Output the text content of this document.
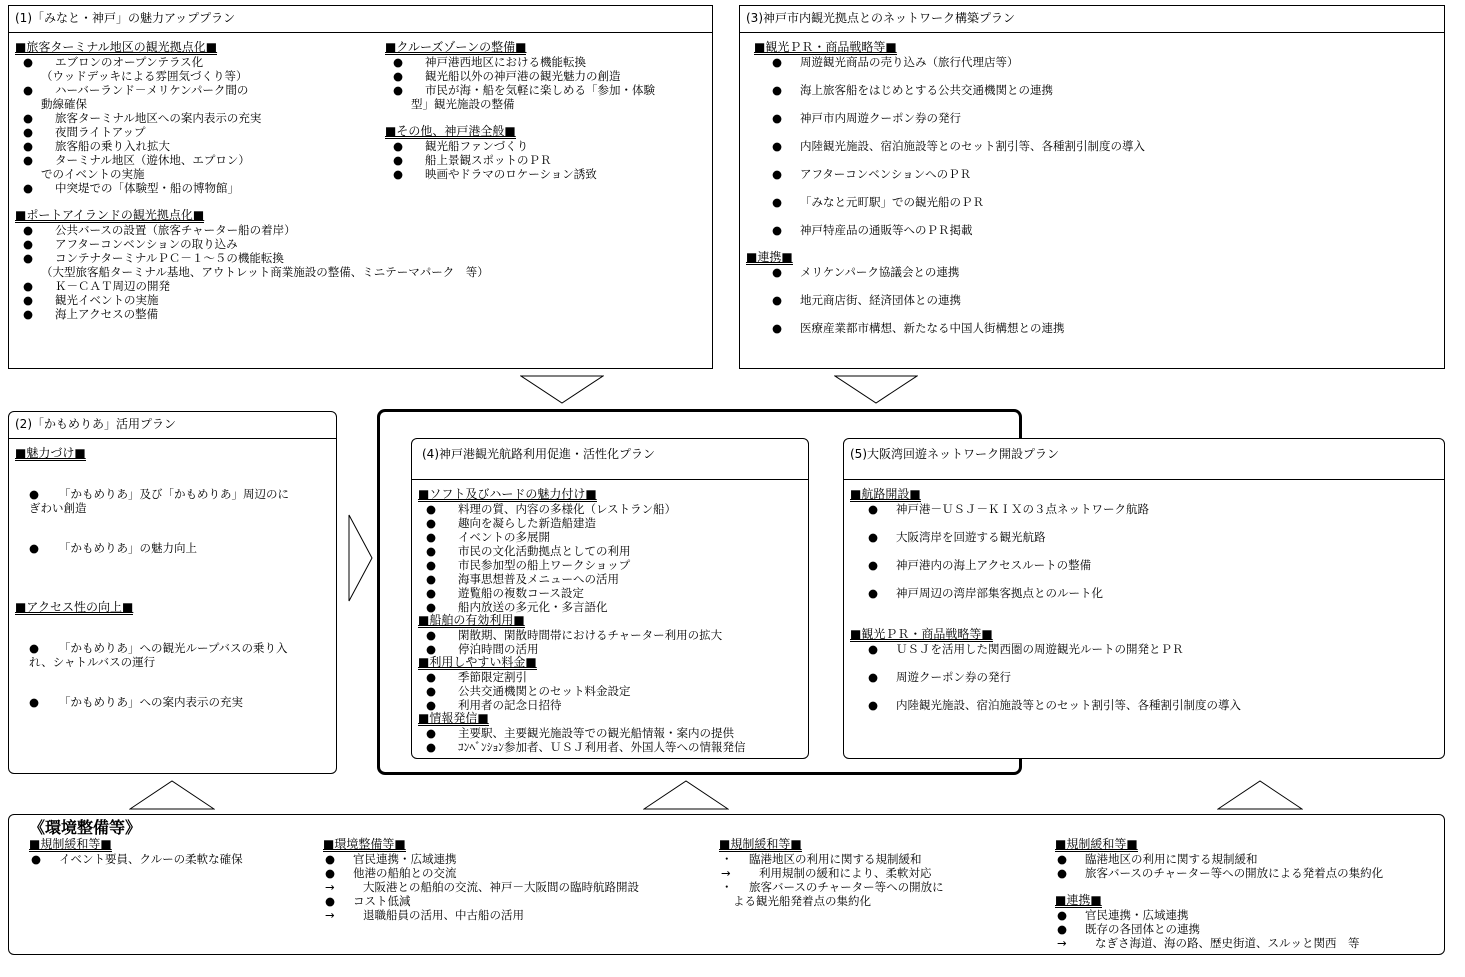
(1)「みなと・神戸」の魅力アッププラン
■旅客ターミナル地区の観光拠点化■
● エブロンのオープンテラス化
（ウッドデッキによる雰囲気づくり等）
● ハーバーランド－メリケンパーク間の
動線確保
● 旅客ターミナル地区への案内表示の充実
● 夜間ライトアップ
● 旅客船の乗り入れ拡大
● ターミナル地区（遊休地、エプロン）
でのイベントの実施
● 中突堤での「体験型・船の博物館」
■ポートアイランドの観光拠点化■
● 公共バースの設置（旅客チャーター船の着岸）
● アフターコンベンションの取り込み
● コンテナターミナルＰＣ－１～５の機能転換
（大型旅客船ターミナル基地、アウトレット商業施設の整備、ミニテーマパーク　等）
● Ｋ－ＣＡＴ周辺の開発
● 観光イベントの実施
● 海上アクセスの整備
■クルーズゾーンの整備■
● 神戸港西地区における機能転換
● 観光船以外の神戸港の観光魅力の創造
● 市民が海・船を気軽に楽しめる「参加・体験
型」観光施設の整備
■その他、神戸港全般■
● 観光船ファンづくり
● 船上景観スポットのＰＲ
● 映画やドラマのロケーション誘致
(3)神戸市内観光拠点とのネットワーク構築プラン
■観光ＰＲ・商品戦略等■
● 周遊観光商品の売り込み（旅行代理店等）
● 海上旅客船をはじめとする公共交通機関との連携
● 神戸市内周遊クーポン券の発行
● 内陸観光施設、宿泊施設等とのセット割引等、各種割引制度の導入
● アフターコンベンションへのＰＲ
● 「みなと元町駅」での観光船のＰＲ
● 神戸特産品の通販等へのＰＲ掲載
■連携■
● メリケンパーク協議会との連携
● 地元商店街、経済団体との連携
● 医療産業都市構想、新たなる中国人街構想との連携
(2)「かもめりあ」活用プラン
■魅力づけ■
● 「かもめりあ」及び「かもめりあ」周辺のに
ぎわい創造
● 「かもめりあ」の魅力向上
■アクセス性の向上■
● 「かもめりあ」への観光ループバスの乗り入
れ、シャトルバスの運行
● 「かもめりあ」への案内表示の充実
(4)神戸港観光航路利用促進・活性化プラン
■ソフト及びハードの魅力付け■
● 料理の質、内容の多様化（レストラン船）
● 趣向を凝らした新造船建造
● イベントの多展開
● 市民の文化活動拠点としての利用
● 市民参加型の船上ワークショップ
● 海事思想普及メニューへの活用
● 遊覧船の複数コース設定
● 船内放送の多元化・多言語化
■船舶の有効利用■
● 閑散期、閑散時間帯におけるチャーター利用の拡大
● 停泊時間の活用
■利用しやすい料金■
● 季節限定割引
● 公共交通機関とのセット料金設定
● 利用者の記念日招待
■情報発信■
● 主要駅、主要観光施設等での観光船情報・案内の提供
● ｺﾝﾍﾞﾝｼｮﾝ参加者、ＵＳＪ利用者、外国人等への情報発信
(5)大阪湾回遊ネットワーク開設プラン
■航路開設■
● 神戸港－ＵＳＪ－ＫＩＸの３点ネットワーク航路
● 大阪湾岸を回遊する観光航路
● 神戸港内の海上アクセスルートの整備
● 神戸周辺の湾岸部集客拠点とのルート化
■観光ＰＲ・商品戦略等■
● ＵＳＪを活用した関西圏の周遊観光ルートの開発とＰＲ
● 周遊クーポン券の発行
● 内陸観光施設、宿泊施設等とのセット割引等、各種割引制度の導入
《環境整備等》
■規制緩和等■
● イベント要員、クルーの柔軟な確保
■環境整備等■
● 官民連携・広域連携
● 他港の船舶との交流
→ 大阪港との船舶の交流、神戸－大阪間の臨時航路開設
● コスト低減
→ 退職船員の活用、中古船の活用
■規制緩和等■
・ 臨港地区の利用に関する規制緩和
→ 利用規制の緩和により、柔軟対応
・ 旅客バースのチャーター等への開放に
よる観光船発着点の集約化
■規制緩和等■
● 臨港地区の利用に関する規制緩和
● 旅客バースのチャーター等への開放による発着点の集約化
■連携■
● 官民連携・広域連携
● 既存の各団体との連携
→ なぎさ海道、海の路、歴史街道、スルッと関西　等
